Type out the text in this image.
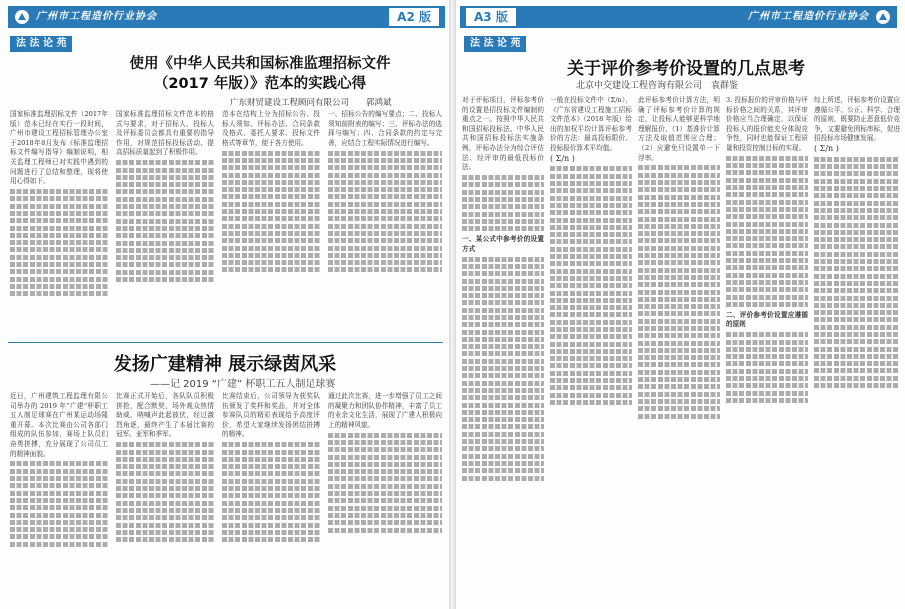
广州市工程造价行业协会	A2 版
法 法 论 苑
使用《中华人民共和国标准监理招标文件
（2017 年版）》范本的实践心得
广东财贸建设工程顾问有限公司　　郭鸿斌

国家标准监理招标文件（2017年版）范本已经在实行一段时间，广州市建设工程招标管理办公室于2018年8月发布《标准监理招标文件编写指导》编制说明，相关监理工程师已对实践中遇到的问题进行了总结和整理，现将使用心得如下。

国家标准监理招标文件范本的格式与要求，对于招标人、投标人及评标委员会都具有重要的指导作用，对规范招标投标活动、提高招标质量起到了积极作用。

范本在结构上分为招标公告、投标人须知、评标办法、合同条款及格式、委托人要求、投标文件格式等章节，便于各方使用。

一、招标公告的编写要点；二、投标人须知前附表的编写；三、评标办法的选择与编写；四、合同条款的约定与完善，应结合工程实际情况进行编写。

发扬广建精神 展示绿茵风采
——记 2019 “广建” 杯职工五人制足球赛

近日，广州建筑工程监理有限公司举办的 2019 年“广建”杯职工五人制足球赛在广州某运动场隆重开幕。本次比赛由公司各部门组成的队伍参加，赛场上队员们奋勇拼搏，充分展现了公司员工的精神面貌。

比赛正式开始后，各队队员积极拼抢，配合默契，场外观众热情助威，呐喊声此起彼伏，经过激烈角逐，最终产生了本届比赛的冠军、亚军和季军。

比赛结束后，公司领导为获奖队伍颁发了奖杯和奖品，并对全体参赛队员的精彩表现给予高度评价，希望大家继续发扬团结拼搏的精神。

通过此次比赛，进一步增强了员工之间的凝聚力和团队协作精神，丰富了员工的业余文化生活，展现了广建人积极向上的精神风貌。

A3 版	广州市工程造价行业协会
法 法 论 苑
关于评价参考价设置的几点思考
北京中交建设工程咨询有限公司　袁群鉴

对于评标项目，评标参考价的设置是招投标文件编制的重点之一。按照中华人民共和国招标投标法、中华人民共和国招标投标法实施条例，评标办法分为综合评估法、经评审的最低投标价法。

一、某公式中参考价的设置方式

一般在投标文件中（Σ/n），《广东省建设工程施工招标文件范本》（2018 年版）给出的加权平均计算评标参考价的方法：最高投标限价、投标报价算术平均值。

( Σ/n )

此评标参考价计算方法，明确了评标参考价计算的规定，让投标人能够更科学地理解报价，（1）基准价计算方法及取值范围应合理；（2）应避免只设置单一下浮率。

3. 投标报价的评审价格与评标价格之间的关系，其评审价格应当合理确定，以保证投标人的报价能充分体现竞争性，同时也能保证工程质量和投资控制目标的实现。

二、评价参考价设置应遵循的原则

综上所述，评标参考价设置应遵循公平、公正、科学、合理的原则，既要防止恶意低价竞争，又要避免围标串标，促进招投标市场健康发展。

( Σ/n )
